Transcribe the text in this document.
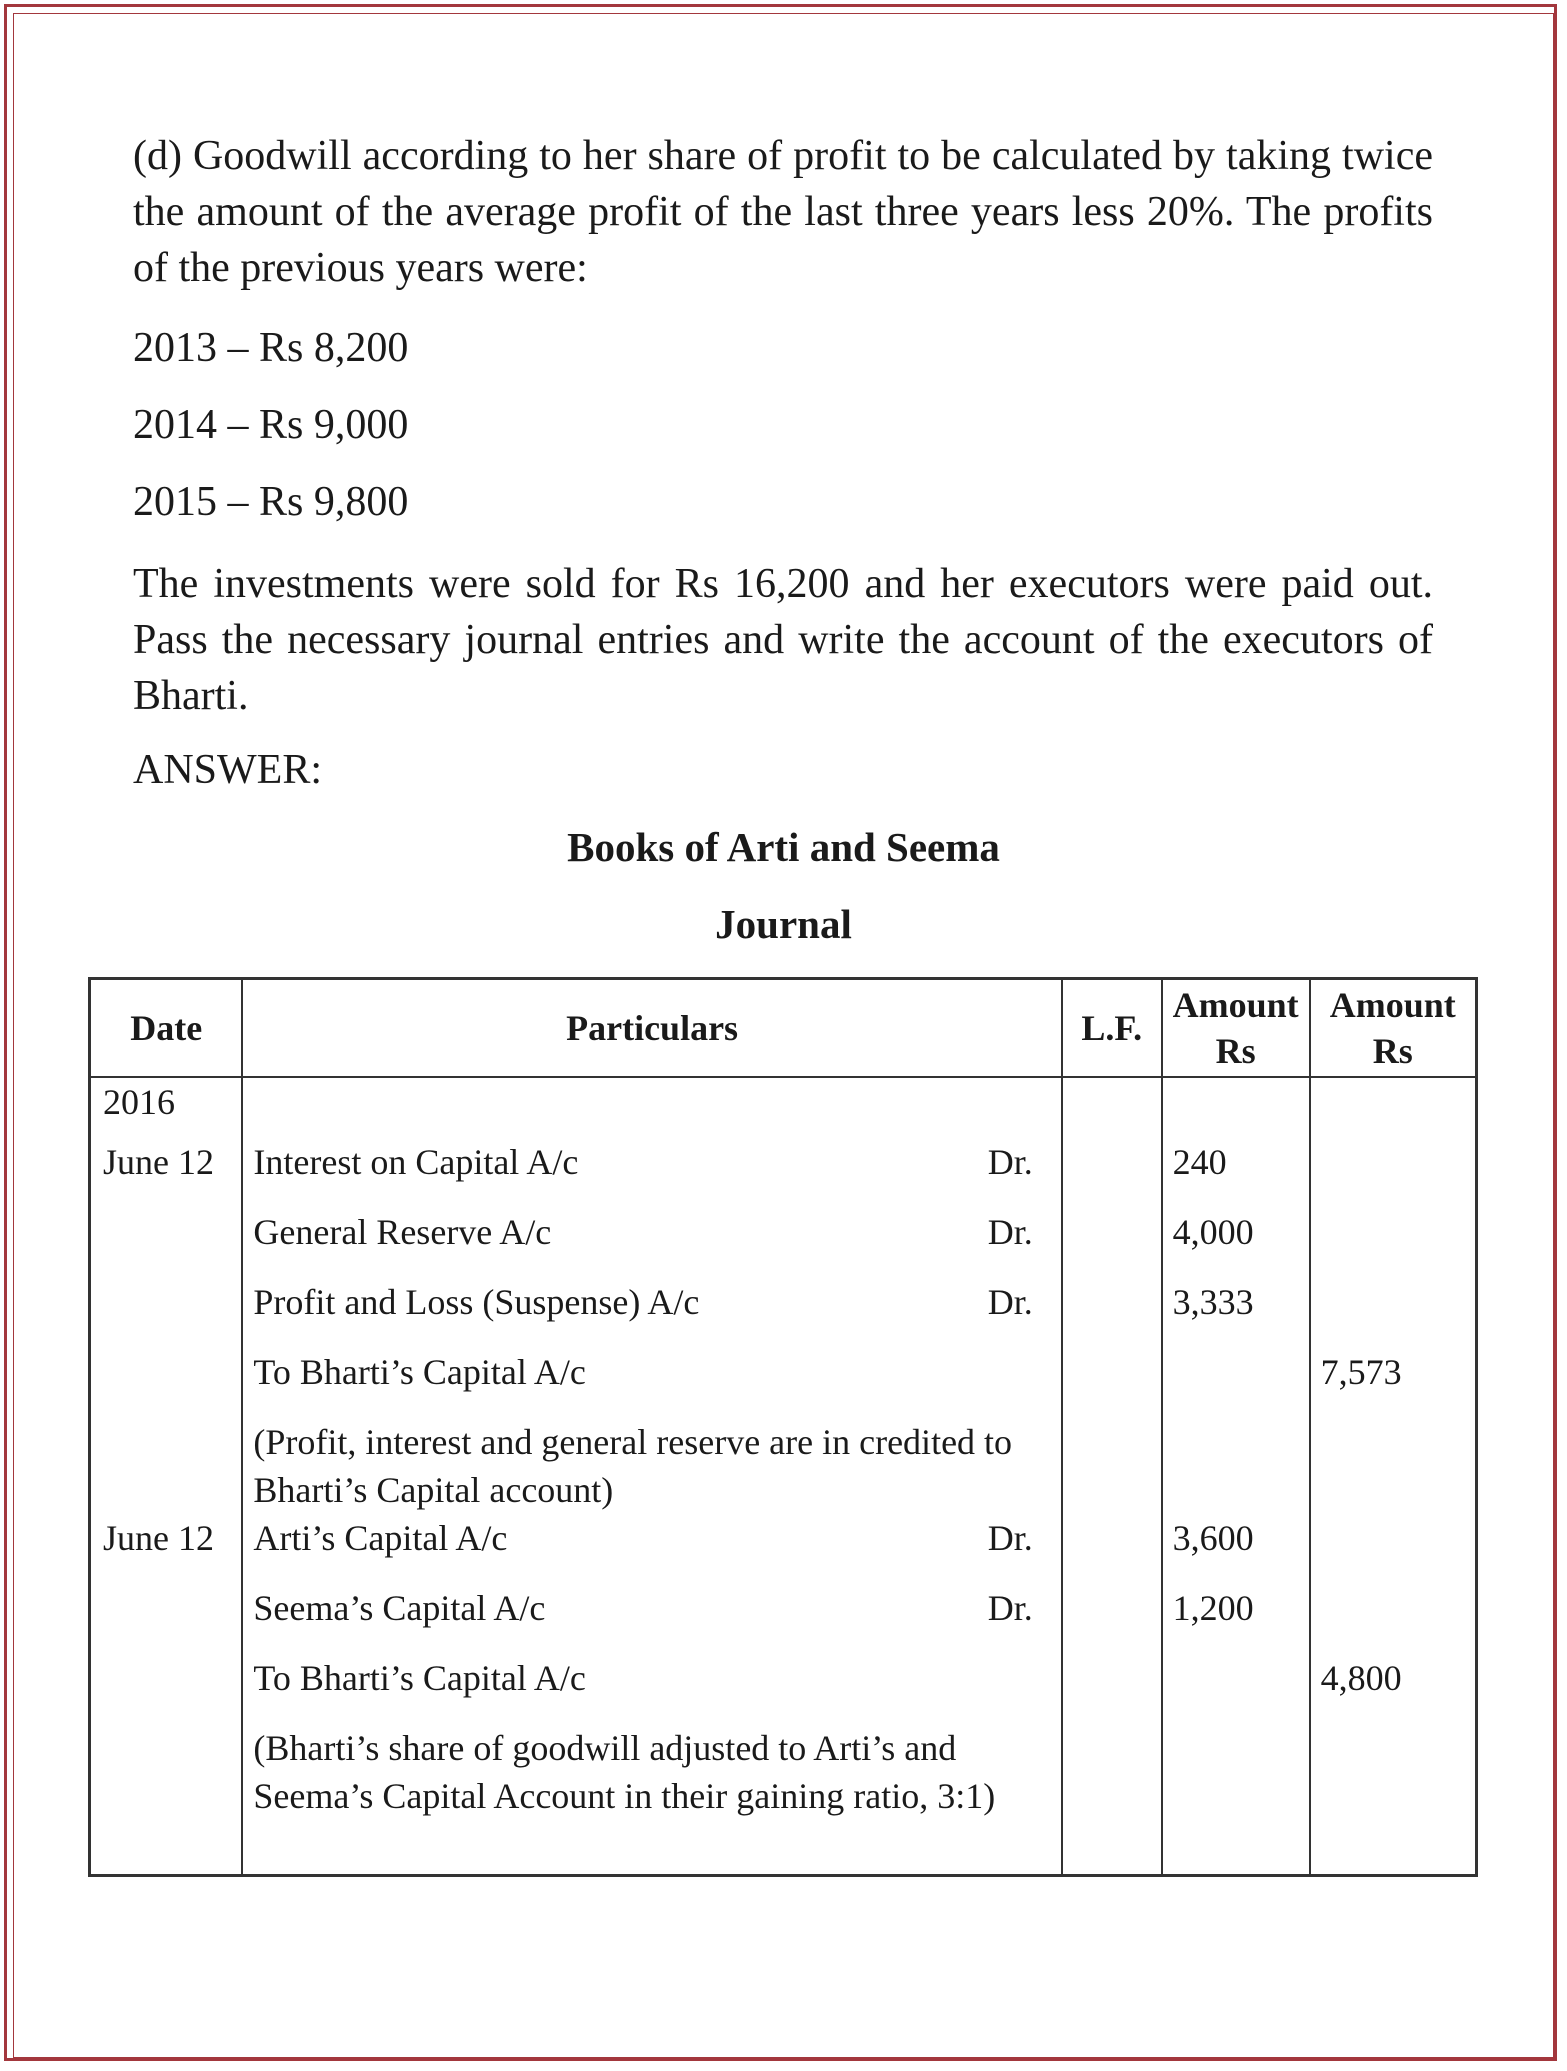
(d) Goodwill according to her share of profit to be calculated by taking twice the amount of the average profit of the last three years less 20%. The profits of the previous years were:

2013 – Rs 8,200
2014 – Rs 9,000
2015 – Rs 9,800

The investments were sold for Rs 16,200 and her executors were paid out. Pass the necessary journal entries and write the account of the executors of Bharti.

ANSWER:
Books of Arti and Seema
Journal
Date	Particulars	L.F.	Amount Rs	Amount Rs
2016				
June 12	Interest on Capital A/c Dr.		240	

	General Reserve A/c Dr.		4,000	

	Profit and Loss (Suspense) A/c Dr.		3,333	
	To Bharti’s Capital A/c			7,573
	(Profit, interest and general reserve are in credited to Bharti’s Capital account)			
June 12	Arti’s Capital A/c Dr.		3,600	

	Seema’s Capital A/c Dr.		1,200	
	To Bharti’s Capital A/c			4,800
	(Bharti’s share of goodwill adjusted to Arti’s and Seema’s Capital Account in their gaining ratio, 3:1)			
